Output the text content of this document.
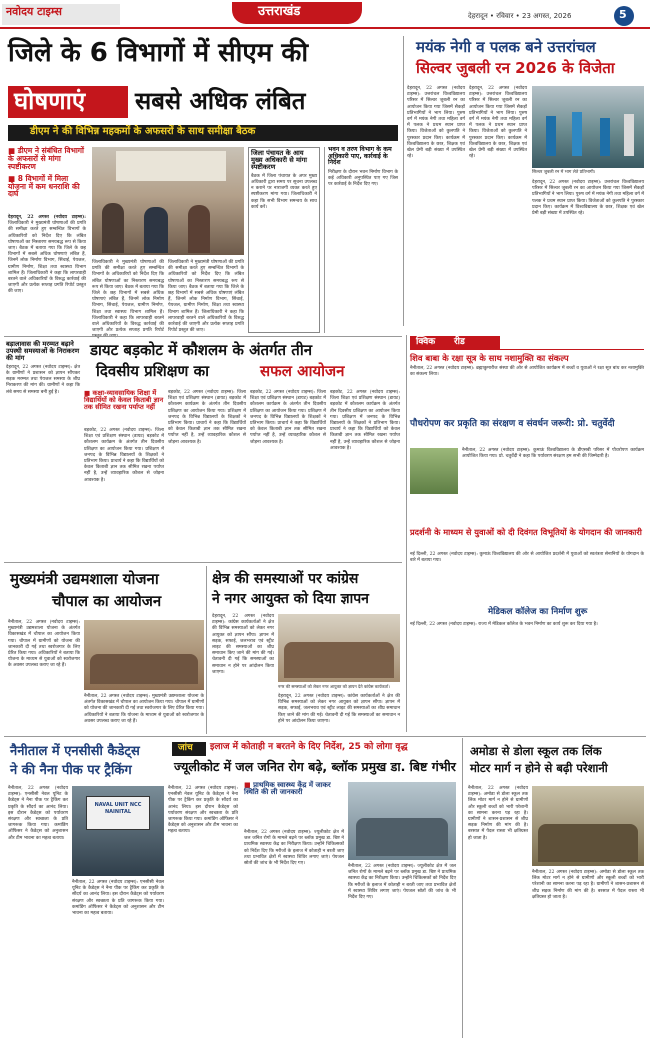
नवोदय टाइम्स	उत्तराखंड	देहरादून • रविवार • 23 अगस्त, 2026	5
जिले के 6 विभागों में सीएम की
घोषणाएं सबसे अधिक लंबित
डीएम ने की विभिन्न महकमों के अफसरों के साथ समीक्षा बैठक
■ डीएम ने संबंधित विभागों के अफसरों से मांगा स्पष्टीकरण
■ 8 विभागों में मिला योजना में कम धनराशि की दार्घ

देहरादून, 22 अगस्त (नवोदय टाइम्स): जिलाधिकारी ने मुख्यमंत्री घोषणाओं की प्रगति की समीक्षा करते हुए सम्बन्धित विभागों के अधिकारियों को निर्देश दिए कि लंबित घोषणाओं का निस्तारण समयबद्ध रूप से किया जाए। बैठक में बताया गया कि जिले के छह विभागों में सबसे अधिक घोषणाएं लंबित हैं, जिनमें लोक निर्माण विभाग, सिंचाई, पेयजल, ग्रामीण निर्माण, शिक्षा तथा स्वास्थ्य विभाग शामिल हैं। जिलाधिकारी ने कहा कि लापरवाही बरतने वाले अधिकारियों के विरुद्ध कार्रवाई की जाएगी और प्रत्येक सप्ताह प्रगति रिपोर्ट प्रस्तुत की जाए।

जिलाधिकारी ने मुख्यमंत्री घोषणाओं की प्रगति की समीक्षा करते हुए सम्बन्धित विभागों के अधिकारियों को निर्देश दिए कि लंबित घोषणाओं का निस्तारण समयबद्ध रूप से किया जाए। बैठक में बताया गया कि जिले के छह विभागों में सबसे अधिक घोषणाएं लंबित हैं, जिनमें लोक निर्माण विभाग, सिंचाई, पेयजल, ग्रामीण निर्माण, शिक्षा तथा स्वास्थ्य विभाग शामिल हैं। जिलाधिकारी ने कहा कि लापरवाही बरतने वाले अधिकारियों के विरुद्ध कार्रवाई की जाएगी और प्रत्येक सप्ताह प्रगति रिपोर्ट

जिलाधिकारी ने मुख्यमंत्री घोषणाओं की प्रगति की समीक्षा करते हुए सम्बन्धित विभागों के अधिकारियों को निर्देश दिए कि लंबित घोषणाओं का निस्तारण समयबद्ध रूप से किया जाए। बैठक में बताया गया कि जिले के छह विभागों में सबसे अधिक घोषणाएं लंबित हैं, जिनमें लोक निर्माण विभाग, सिंचाई, पेयजल, ग्रामीण निर्माण, शिक्षा तथा स्वास्थ्य विभाग शामिल हैं। जिलाधिकारी ने कहा कि लापरवाही बरतने वाले अधिकारियों के विरुद्ध कार्रवाई की जाएगी और प्रत्येक सप्ताह प्रगति रिपोर्ट प्रस्तुत की जाए।

जिला पंचायत के आय मुख्य अधिकारी से मांगा स्पष्टीकरण
बैठक में जिला पंचायत के अपर मुख्य अधिकारी द्वारा समय पर सूचना उपलब्ध न कराने पर नाराजगी व्यक्त करते हुए स्पष्टीकरण मांगा गया। जिलाधिकारी ने कहा कि सभी विभाग समन्वय के साथ कार्य करें।
भवन व तरण विभाग के कम अधिकारी पाए, कार्रवाई के निर्देश
निरीक्षण के दौरान भवन निर्माण विभाग के कई अधिकारी अनुपस्थित पाए गए जिस पर कार्रवाई के निर्देश दिए गए।
मयंक नेगी व पलक बने उत्तरांचल
सिल्वर जुबली रन 2026 के विजेता

देहरादून, 22 अगस्त (नवोदय टाइम्स): उत्तरांचल विश्वविद्यालय परिसर में सिल्वर जुबली रन का आयोजन किया गया जिसमें सैकड़ों प्रतिभागियों ने भाग लिया। पुरुष वर्ग में मयंक नेगी तथा महिला वर्ग में पलक ने प्रथम स्थान प्राप्त किया। विजेताओं को कुलपति ने पुरस्कार प्रदान किए। कार्यक्रम में विश्वविद्यालय के छात्र, शिक्षक एवं खेल प्रेमी बड़ी संख्या में उपस्थित रहे।

देहरादून, 22 अगस्त (नवोदय टाइम्स): उत्तरांचल विश्वविद्यालय परिसर में सिल्वर जुबली रन का आयोजन किया गया जिसमें सैकड़ों प्रतिभागियों ने भाग लिया। पुरुष वर्ग में मयंक नेगी तथा महिला वर्ग में पलक ने प्रथम स्थान प्राप्त किया। विजेताओं को कुलपति ने पुरस्कार प्रदान किए। कार्यक्रम में विश्वविद्यालय के छात्र, शिक्षक एवं खेल प्रेमी बड़ी संख्या में उपस्थित रहे।

सिल्वर जुबली रन में भाग लेते प्रतिभागी।

देहरादून, 22 अगस्त (नवोदय टाइम्स): उत्तरांचल विश्वविद्यालय परिसर में सिल्वर जुबली रन का आयोजन किया गया जिसमें सैकड़ों प्रतिभागियों ने भाग लिया। पुरुष वर्ग में मयंक नेगी तथा महिला वर्ग में पलक ने प्रथम स्थान प्राप्त किया। विजेताओं को कुलपति ने पुरस्कार प्रदान किए। कार्यक्रम में विश्वविद्यालय के छात्र, शिक्षक एवं खेल प्रेमी बड़ी संख्या में उपस्थित रहे।

बड़ालावास की मरम्मत बढ़ाने उपस्थी समस्याओं के निराकरण की मांग
देहरादून, 22 अगस्त (नवोदय टाइम्स): क्षेत्र के ग्रामीणों ने प्रशासन को ज्ञापन सौंपकर सड़क मरम्मत तथा पेयजल समस्या के शीघ्र निराकरण की मांग की। ग्रामीणों ने कहा कि लंबे समय से समस्या बनी हुई है।
डायट बड़कोट में कौशलम के अंतर्गत तीन
दिवसीय प्रशिक्षण का	सफल आयोजन
■ कक्षा-व्यावसायिक शिक्षा में विद्यार्थियों को केवल किताबी ज्ञान तक सीमित रखना पर्याप्त नहीं

बड़कोट, 22 अगस्त (नवोदय टाइम्स): जिला शिक्षा एवं प्रशिक्षण संस्थान (डायट) बड़कोट में कौशलम कार्यक्रम के अंतर्गत तीन दिवसीय प्रशिक्षण का आयोजन किया गया। प्रशिक्षण में जनपद के विभिन्न विद्यालयों के शिक्षकों ने प्रतिभाग किया। प्राचार्य ने कहा कि विद्यार्थियों को केवल किताबी ज्ञान तक सीमित रखना पर्याप्त नहीं है, उन्हें व्यावहारिक कौशल से जोड़ना आवश्यक है।

बड़कोट, 22 अगस्त (नवोदय टाइम्स): जिला शिक्षा एवं प्रशिक्षण संस्थान (डायट) बड़कोट में कौशलम कार्यक्रम के अंतर्गत तीन दिवसीय प्रशिक्षण का आयोजन किया गया। प्रशिक्षण में जनपद के विभिन्न विद्यालयों के शिक्षकों ने प्रतिभाग किया। प्राचार्य ने कहा कि विद्यार्थियों को केवल किताबी ज्ञान तक सीमित रखना पर्याप्त नहीं है, उन्हें व्यावहारिक कौशल से जोड़ना आवश्यक है।

बड़कोट, 22 अगस्त (नवोदय टाइम्स): जिला शिक्षा एवं प्रशिक्षण संस्थान (डायट) बड़कोट में कौशलम कार्यक्रम के अंतर्गत तीन दिवसीय प्रशिक्षण का आयोजन किया गया। प्रशिक्षण में जनपद के विभिन्न विद्यालयों के शिक्षकों ने प्रतिभाग किया। प्राचार्य ने कहा कि विद्यार्थियों को केवल किताबी ज्ञान तक सीमित रखना पर्याप्त नहीं है, उन्हें व्यावहारिक कौशल से जोड़ना आवश्यक है।

बड़कोट, 22 अगस्त (नवोदय टाइम्स): जिला शिक्षा एवं प्रशिक्षण संस्थान (डायट) बड़कोट में कौशलम कार्यक्रम के अंतर्गत तीन दिवसीय प्रशिक्षण का आयोजन किया गया। प्रशिक्षण में जनपद के विभिन्न विद्यालयों के शिक्षकों ने प्रतिभाग किया। प्राचार्य ने कहा कि विद्यार्थियों को केवल किताबी ज्ञान तक सीमित रखना पर्याप्त नहीं है, उन्हें व्यावहारिक कौशल से जोड़ना आवश्यक है।

क्विक रीड
शिव बाबा के रक्षा सूत्र के साथ नशामुक्ति का संकल्प
नैनीताल, 22 अगस्त (नवोदय टाइम्स): ब्रह्माकुमारीज संस्था की ओर से आयोजित कार्यक्रम में बच्चों व युवाओं ने रक्षा सूत्र बांध कर नशामुक्ति का संकल्प लिया।
पौधरोपण कर प्रकृति का संरक्षण व संवर्धन जरूरी: प्रो. चतुर्वेदी
नैनीताल, 22 अगस्त (नवोदय टाइम्स): कुमाऊं विश्वविद्यालय के डीएसबी परिसर में पौधरोपण कार्यक्रम आयोजित किया गया। प्रो. चतुर्वेदी ने कहा कि पर्यावरण संरक्षण हम सभी की जिम्मेदारी है।
प्रदर्शनी के माध्यम से युवाओं को दी दिवंगत विभूतियों के योगदान की जानकारी
नई दिल्ली, 22 अगस्त (नवोदय टाइम्स): कुमाऊं विश्वविद्यालय की ओर से आयोजित प्रदर्शनी में युवाओं को स्वतंत्रता सेनानियों के योगदान के बारे में बताया गया।
मेडिकल कॉलेज का निर्माण शुरू
नई दिल्ली, 22 अगस्त (नवोदय टाइम्स): राज्य में मेडिकल कॉलेज के भवन निर्माण का कार्य शुरू कर दिया गया है।
मुख्यमंत्री उद्यमशाला योजना
चौपाल का आयोजन

नैनीताल, 22 अगस्त (नवोदय टाइम्स): मुख्यमंत्री उद्यमशाला योजना के अंतर्गत विकासखंड में चौपाल का आयोजन किया गया। चौपाल में ग्रामीणों को योजना की जानकारी दी गई तथा स्वरोजगार के लिए प्रेरित किया गया। अधिकारियों ने बताया कि योजना के माध्यम से युवाओं को स्वरोजगार के अवसर उपलब्ध कराए जा रहे हैं।

नैनीताल, 22 अगस्त (नवोदय टाइम्स): मुख्यमंत्री उद्यमशाला योजना के अंतर्गत विकासखंड में चौपाल का आयोजन किया गया। चौपाल में ग्रामीणों को योजना की जानकारी दी गई तथा स्वरोजगार के लिए प्रेरित किया गया। अधिकारियों ने बताया कि योजना के माध्यम से युवाओं को स्वरोजगार के अवसर उपलब्ध कराए जा रहे हैं।

क्षेत्र की समस्याओं पर कांग्रेस
ने नगर आयुक्त को दिया ज्ञापन

देहरादून, 22 अगस्त (नवोदय टाइम्स): कांग्रेस कार्यकर्ताओं ने क्षेत्र की विभिन्न समस्याओं को लेकर नगर आयुक्त को ज्ञापन सौंपा। ज्ञापन में सड़क, सफाई, जलभराव एवं स्ट्रीट लाइट की समस्याओं का शीघ्र समाधान किए जाने की मांग की गई। चेतावनी दी गई कि समस्याओं का समाधान न होने पर आंदोलन किया जाएगा।

नगर की समस्याओं को लेकर नगर आयुक्त को ज्ञापन देते कांग्रेस कार्यकर्ता।

देहरादून, 22 अगस्त (नवोदय टाइम्स): कांग्रेस कार्यकर्ताओं ने क्षेत्र की विभिन्न समस्याओं को लेकर नगर आयुक्त को ज्ञापन सौंपा। ज्ञापन में सड़क, सफाई, जलभराव एवं स्ट्रीट लाइट की समस्याओं का शीघ्र समाधान किए जाने की मांग की गई। चेतावनी दी गई कि समस्याओं का समाधान न होने पर आंदोलन किया जाएगा।

नैनीताल में एनसीसी कैडेट्स
ने की नैना पीक पर ट्रैकिंग

नैनीताल, 22 अगस्त (नवोदय टाइम्स): एनसीसी नेवल यूनिट के कैडेट्स ने नैना पीक पर ट्रैकिंग कर प्रकृति के सौंदर्य का आनंद लिया। इस दौरान कैडेट्स को पर्यावरण संरक्षण और स्वच्छता के प्रति जागरूक किया गया। कमांडिंग ऑफिसर ने कैडेट्स को अनुशासन और टीम भावना का महत्व बताया।

NAVAL UNIT NCC NAINITAL

नैनीताल, 22 अगस्त (नवोदय टाइम्स): एनसीसी नेवल यूनिट के कैडेट्स ने नैना पीक पर ट्रैकिंग कर प्रकृति के सौंदर्य का आनंद लिया। इस दौरान कैडेट्स को पर्यावरण संरक्षण और स्वच्छता के प्रति जागरूक किया गया। कमांडिंग ऑफिसर ने कैडेट्स को अनुशासन और टीम भावना का महत्व बताया।

नैनीताल, 22 अगस्त (नवोदय टाइम्स): एनसीसी नेवल यूनिट के कैडेट्स ने नैना पीक पर ट्रैकिंग कर प्रकृति के सौंदर्य का आनंद लिया। इस दौरान कैडेट्स को पर्यावरण संरक्षण और स्वच्छता के प्रति जागरूक किया गया। कमांडिंग ऑफिसर ने कैडेट्स को अनुशासन और टीम भावना का महत्व बताया।

जांच इलाज में कोताही न बरतने के दिए निर्देश, 25 को लोगा वृद्ध
ज्यूलीकोट में जल जनित रोग बढ़े, ब्लॉक प्रमुख डा. बिष्ट गंभीर
■ प्राथमिक स्वास्थ्य केंद्र में जाकर स्थिति की ली जानकारी

नैनीताल, 22 अगस्त (नवोदय टाइम्स): ज्यूलीकोट क्षेत्र में जल जनित रोगों के मामले बढ़ने पर ब्लॉक प्रमुख डा. बिष्ट ने प्राथमिक स्वास्थ्य केंद्र का निरीक्षण किया। उन्होंने चिकित्सकों को निर्देश दिए कि मरीजों के इलाज में कोताही न बरती जाए तथा प्रभावित क्षेत्रों में स्वास्थ्य शिविर लगाए जाएं। पेयजल स्रोतों की जांच के भी निर्देश दिए गए।

नैनीताल, 22 अगस्त (नवोदय टाइम्स): ज्यूलीकोट क्षेत्र में जल जनित रोगों के मामले बढ़ने पर ब्लॉक प्रमुख डा. बिष्ट ने प्राथमिक स्वास्थ्य केंद्र का निरीक्षण किया। उन्होंने चिकित्सकों को निर्देश दिए कि मरीजों के इलाज में कोताही न बरती जाए तथा प्रभावित क्षेत्रों में स्वास्थ्य शिविर लगाए जाएं। पेयजल स्रोतों की जांच के भी निर्देश दिए गए।

अमोडा से डोला स्कूल तक लिंक
मोटर मार्ग न होने से बढ़ी परेशानी

नैनीताल, 22 अगस्त (नवोदय टाइम्स): अमोडा से डोला स्कूल तक लिंक मोटर मार्ग न होने से ग्रामीणों और स्कूली बच्चों को भारी परेशानी का सामना करना पड़ रहा है। ग्रामीणों ने शासन-प्रशासन से शीघ्र सड़क निर्माण की मांग की है। बरसात में पैदल रास्ता भी क्षतिग्रस्त हो जाता है।

नैनीताल, 22 अगस्त (नवोदय टाइम्स): अमोडा से डोला स्कूल तक लिंक मोटर मार्ग न होने से ग्रामीणों और स्कूली बच्चों को भारी परेशानी का सामना करना पड़ रहा है। ग्रामीणों ने शासन-प्रशासन से शीघ्र सड़क निर्माण की मांग की है। बरसात में पैदल रास्ता भी क्षतिग्रस्त हो जाता है।
